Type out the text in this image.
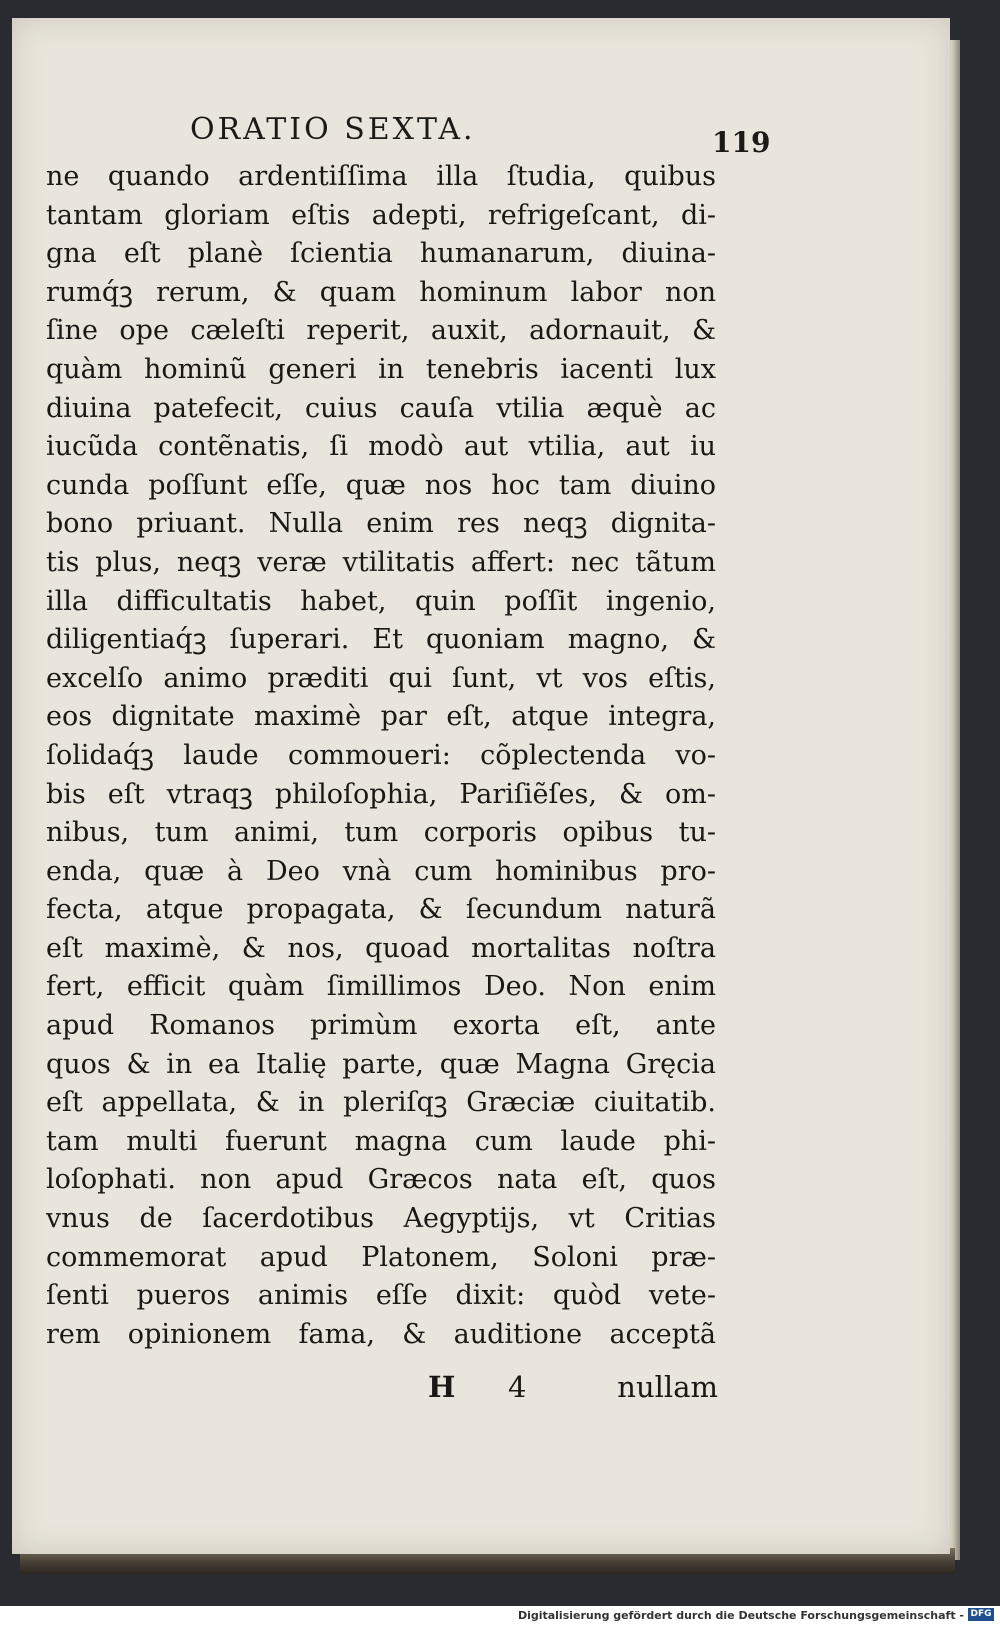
ORATIO SEXTA.	119
ne quando ardentiſſima illa ſtudia, quibus
tantam gloriam eſtis adepti, refrigeſcant, di-
gna eſt planè ſcientia humanarum, diuina-
rumq́ꝫ rerum, & quam hominum labor non
ſine ope cæleſti reperit, auxit, adornauit, &
quàm hominũ generi in tenebris iacenti lux
diuina patefecit, cuius cauſa vtilia æquè ac
iucũda contẽnatis, ſi modò aut vtilia, aut iu
cunda poſſunt eſſe, quæ nos hoc tam diuino
bono priuant. Nulla enim res neqꝫ dignita-
tis plus, neqꝫ veræ vtilitatis affert: nec tãtum
illa difficultatis habet, quin poſſit ingenio,
diligentiaq́ꝫ ſuperari. Et quoniam magno, &
excelſo animo præditi qui ſunt, vt vos eſtis,
eos dignitate maximè par eſt, atque integra,
ſolidaq́ꝫ laude commoueri: cõplectenda vo-
bis eſt vtraqꝫ philoſophia, Pariſiẽſes, & om-
nibus, tum animi, tum corporis opibus tu-
enda, quæ à Deo vnà cum hominibus pro-
fecta, atque propagata, & ſecundum naturã
eſt maximè, & nos, quoad mortalitas noſtra
fert, efficit quàm ſimillimos Deo. Non enim
apud Romanos primùm exorta eſt, ante
quos & in ea Italię parte, quæ Magna Gręcia
eſt appellata, & in pleriſqꝫ Græciæ ciuitatib.
tam multi fuerunt magna cum laude phi-
loſophati. non apud Græcos nata eſt, quos
vnus de ſacerdotibus Aegyptijs, vt Critias
commemorat apud Platonem, Soloni præ-
ſenti pueros animis eſſe dixit: quòd vete-
rem opinionem fama, & auditione acceptã
H 4	nullam
Digitalisierung gefördert durch die Deutsche Forschungsgemeinschaft - DFG
